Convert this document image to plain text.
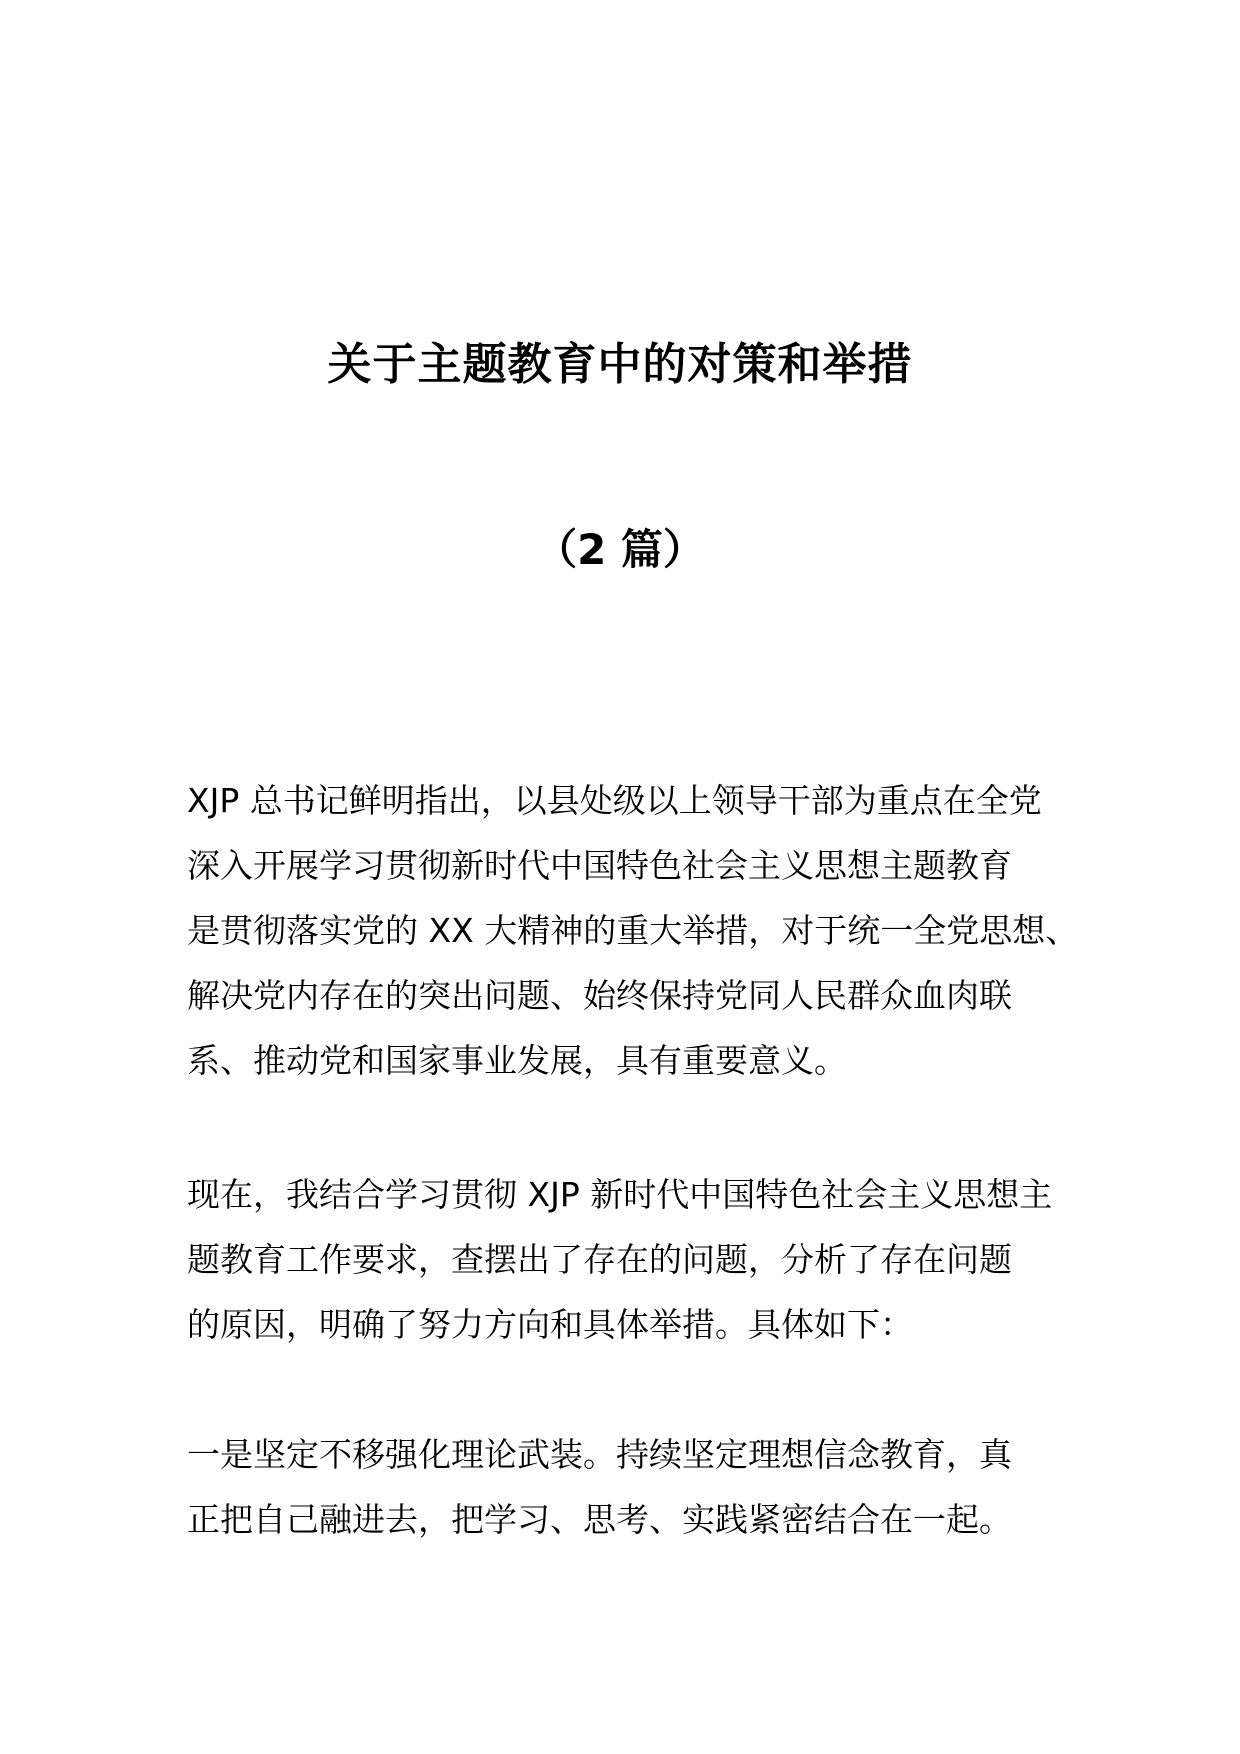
关于主题教育中的对策和举措
（2 篇）
XJP 总书记鲜明指出，以县处级以上领导干部为重点在全党
深入开展学习贯彻新时代中国特色社会主义思想主题教育
是贯彻落实党的 XX 大精神的重大举措，对于统一全党思想、
解决党内存在的突出问题、始终保持党同人民群众血肉联
系、推动党和国家事业发展，具有重要意义。
现在，我结合学习贯彻 XJP 新时代中国特色社会主义思想主
题教育工作要求，查摆出了存在的问题，分析了存在问题
的原因，明确了努力方向和具体举措。具体如下：
一是坚定不移强化理论武装。持续坚定理想信念教育，真
正把自己融进去，把学习、思考、实践紧密结合在一起。
